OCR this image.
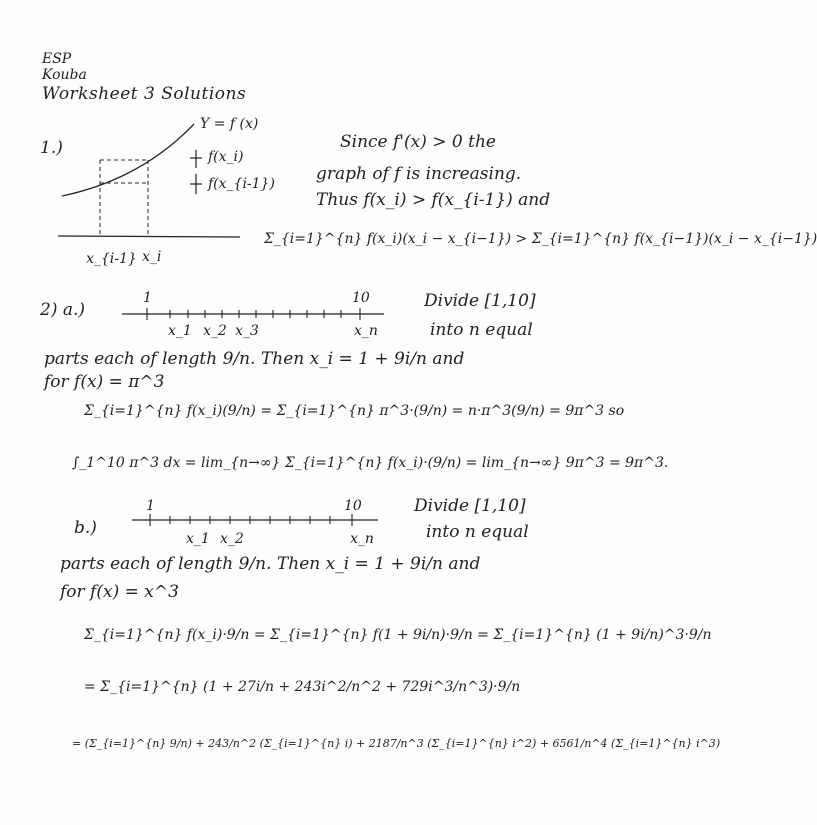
ESP
Kouba
Worksheet 3 Solutions
1.)
Y = f (x)
f(x_i)
f(x_{i-1})
x_{i-1} x_i
Since f'(x) > 0 the
graph of f is increasing.
Thus f(x_i) > f(x_{i-1}) and
Σ_{i=1}^{n} f(x_i)(x_i − x_{i−1}) > Σ_{i=1}^{n} f(x_{i−1})(x_i − x_{i−1})
2) a.)
1	10
x_1 x_2 x_3	x_n
Divide [1,10]
into n equal
parts each of length 9/n. Then x_i = 1 + 9i/n and
for f(x) = π^3
Σ_{i=1}^{n} f(x_i)(9/n) = Σ_{i=1}^{n} π^3·(9/n) = n·π^3(9/n) = 9π^3 so
∫_1^10 π^3 dx = lim_{n→∞} Σ_{i=1}^{n} f(x_i)·(9/n) = lim_{n→∞} 9π^3 = 9π^3.
b.)
1	10
x_1 x_2	x_n
Divide [1,10]
into n equal
parts each of length 9/n. Then x_i = 1 + 9i/n and
for f(x) = x^3
Σ_{i=1}^{n} f(x_i)·9/n = Σ_{i=1}^{n} f(1 + 9i/n)·9/n = Σ_{i=1}^{n} (1 + 9i/n)^3·9/n
= Σ_{i=1}^{n} (1 + 27i/n + 243i^2/n^2 + 729i^3/n^3)·9/n
= (Σ_{i=1}^{n} 9/n) + 243/n^2 (Σ_{i=1}^{n} i) + 2187/n^3 (Σ_{i=1}^{n} i^2) + 6561/n^4 (Σ_{i=1}^{n} i^3)
